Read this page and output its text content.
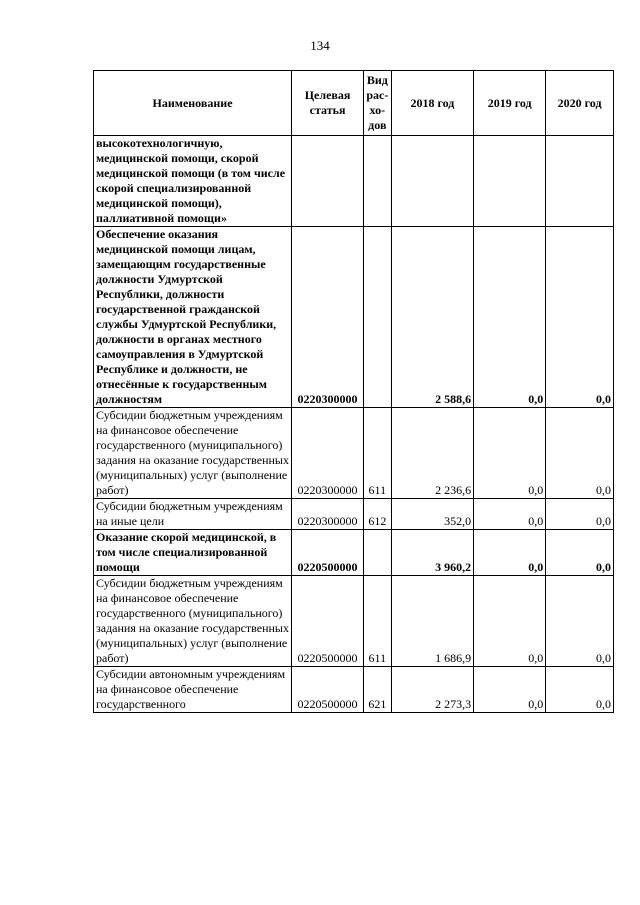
134
Наименование	Целевая статья	Вид рас-хо-дов	2018 год	2019 год	2020 год
высокотехнологичную, медицинской помощи, скорой медицинской помощи (в том числе скорой специализированной медицинской помощи), паллиативной помощи»					
Обеспечение оказания медицинской помощи лицам, замещающим государственные должности Удмуртской Республики, должности государственной гражданской службы Удмуртской Республики, должности в органах местного самоуправления в Удмуртской Республике и должности, не отнесённые к государственным должностям	0220300000		2 588,6	0,0	0,0
Субсидии бюджетным учреждениям на финансовое обеспечение государственного (муниципального) задания на оказание государственных (муниципальных) услуг (выполнение работ)	0220300000	611	2 236,6	0,0	0,0
Субсидии бюджетным учреждениям на иные цели	0220300000	612	352,0	0,0	0,0
Оказание скорой медицинской, в том числе специализированной помощи	0220500000		3 960,2	0,0	0,0
Субсидии бюджетным учреждениям на финансовое обеспечение государственного (муниципального) задания на оказание государственных (муниципальных) услуг (выполнение работ)	0220500000	611	1 686,9	0,0	0,0
Субсидии автономным учреждениям на финансовое обеспечение государственного	0220500000	621	2 273,3	0,0	0,0
